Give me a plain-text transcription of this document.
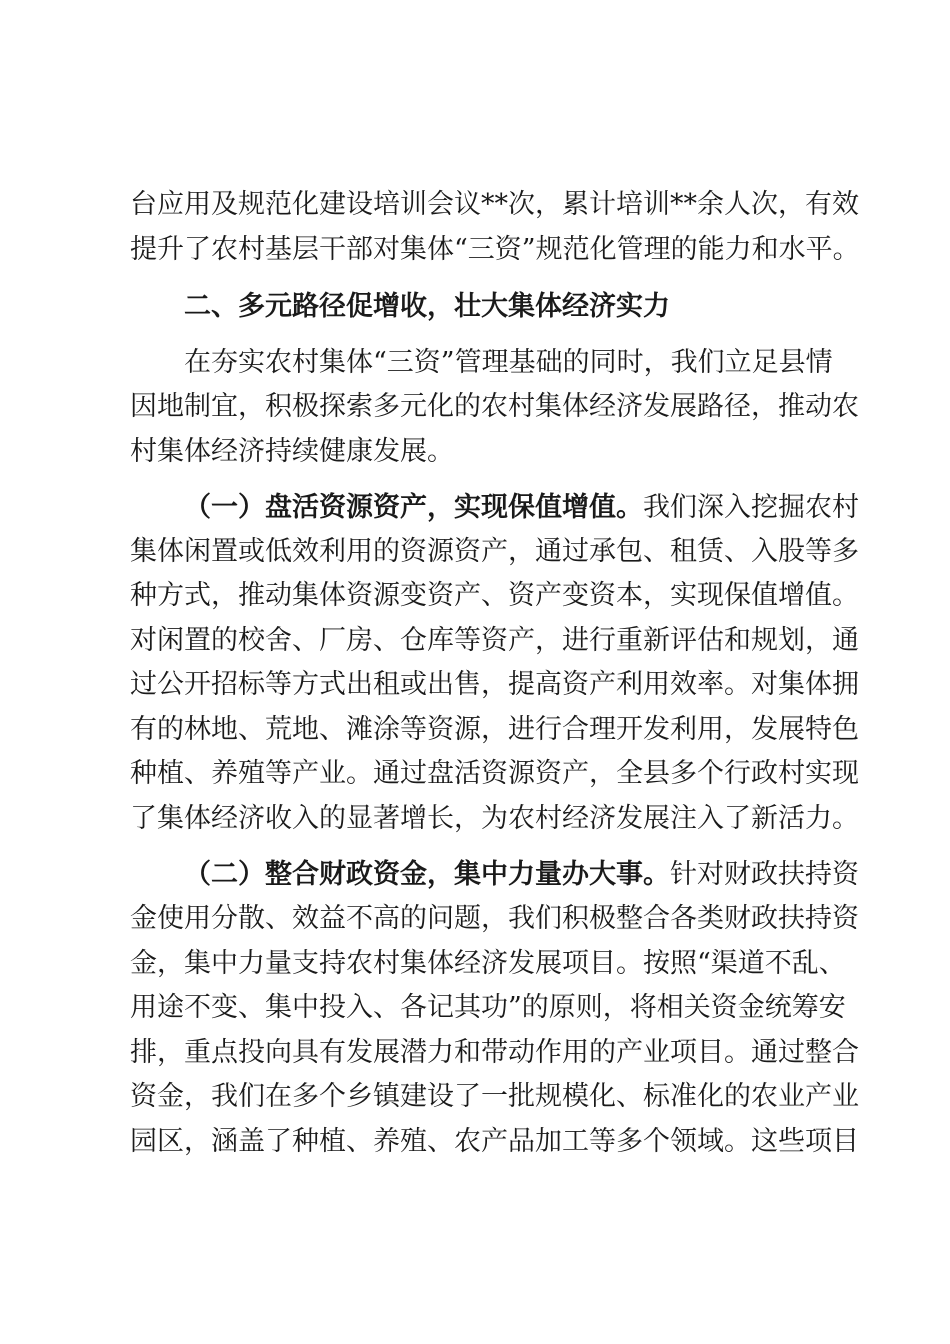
台应用及规范化建设培训会议**次，累计培训**余人次，有效
提升了农村基层干部对集体“三资”规范化管理的能力和水平。
二、多元路径促增收，壮大集体经济实力
在夯实农村集体“三资”管理基础的同时，我们立足县情
因地制宜，积极探索多元化的农村集体经济发展路径，推动农
村集体经济持续健康发展。
（一）盘活资源资产，实现保值增值。我们深入挖掘农村
集体闲置或低效利用的资源资产，通过承包、租赁、入股等多
种方式，推动集体资源变资产、资产变资本，实现保值增值。
对闲置的校舍、厂房、仓库等资产，进行重新评估和规划，通
过公开招标等方式出租或出售，提高资产利用效率。对集体拥
有的林地、荒地、滩涂等资源，进行合理开发利用，发展特色
种植、养殖等产业。通过盘活资源资产，全县多个行政村实现
了集体经济收入的显著增长，为农村经济发展注入了新活力。
（二）整合财政资金，集中力量办大事。针对财政扶持资
金使用分散、效益不高的问题，我们积极整合各类财政扶持资
金，集中力量支持农村集体经济发展项目。按照“渠道不乱、
用途不变、集中投入、各记其功”的原则，将相关资金统筹安
排，重点投向具有发展潜力和带动作用的产业项目。通过整合
资金，我们在多个乡镇建设了一批规模化、标准化的农业产业
园区，涵盖了种植、养殖、农产品加工等多个领域。这些项目
